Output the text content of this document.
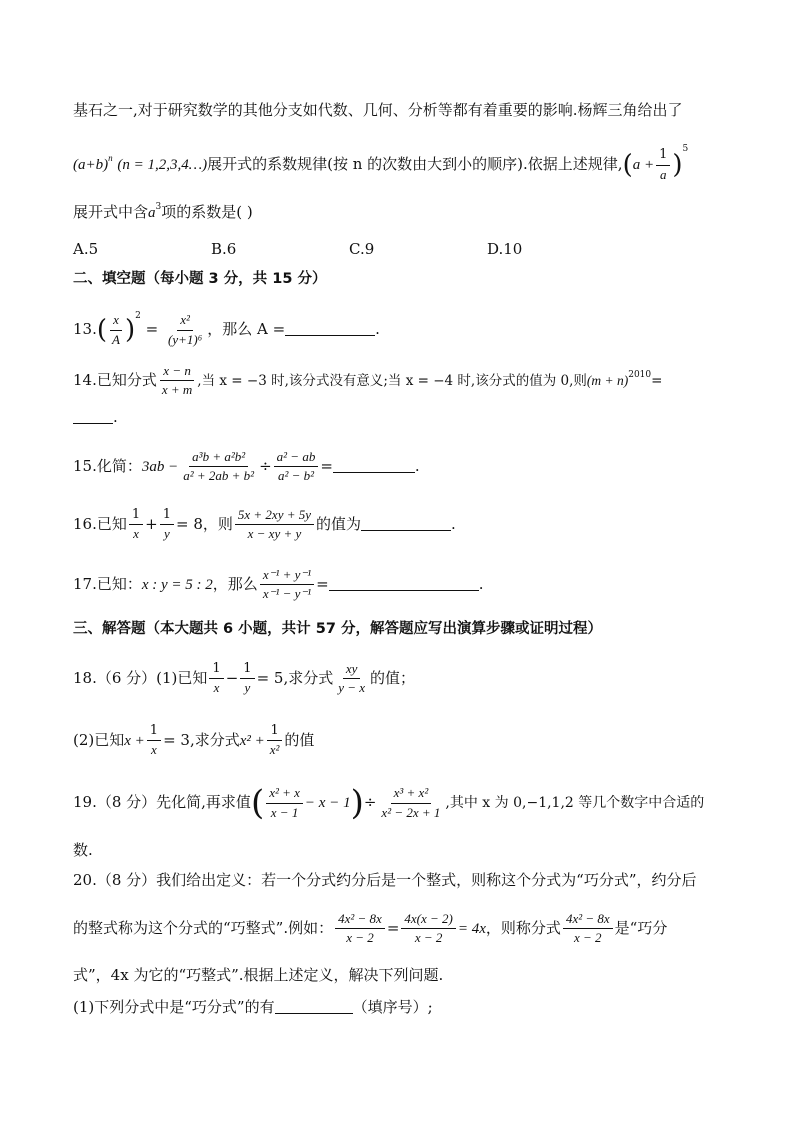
基石之一,对于研究数学的其他分支如代数、几何、分析等都有着重要的影响.杨辉三角给出了
$(a+b)^n$ (n = 1,2,3,4…)展开式的系数规律(按 n 的次数由大到小的顺序).依据上述规律$,(a + \frac{1}{a} )^5$
展开式中含$a^3$项的系数是( )
A.5	B.6	C.9	D.10
二、填空题（每小题 3 分，共 15 分）
$13.( \frac{x}{A} )^2 = \frac{\text{x²}}{\text{(y+1)⁶}}$ ，那么 A =	.
14.已知分式 $\frac{x - n}{x + m}$ ,当 x = −3 时,该分式没有意义;当 x = −4 时,该分式的值为 0,则$(m + n)^{2010}=$
.
15.化简：$3ab - \frac{\text{a³b + a²b²}}{\text{a² + 2ab + b²}} \div \frac{\text{a² − ab}}{\text{a² − b²}}$ =	.
16.已知 $\frac{1}{x} + \frac{1}{y} = 8$，则 $\frac{5x + 2xy + 5y}{x - xy + y}$ 的值为	.
17.已知：x : y = 5 : 2，那么 $\frac{\text{x⁻¹ + y⁻¹}}{\text{x⁻¹ − y⁻¹}}$ =	.
三、解答题（本大题共 6 小题，共计 57 分，解答题应写出演算步骤或证明过程）
18.（6 分）(1)已知 $\frac{1}{x} - \frac{1}{y} = 5$,求分式 $\frac{xy}{y - x}$ 的值；
(2)已知$x + \frac{1}{x} = 3$,求分式$x^2 + \frac{1}{\text{x²}}$ 的值
19.（8 分）先化简,再求值( $\frac{\text{x² + x}}{x - 1} - x - 1)\div \frac{\text{x³ + x²}}{\text{x² − 2x + 1}}$ ,其中 x 为 0,−1,1,2 等几个数字中合适的
数.
20.（8 分）我们给出定义：若一个分式约分后是一个整式，则称这个分式为“巧分式”，约分后
的整式称为这个分式的“巧整式”.例如： $\frac{\text{4x² − 8x}}{x - 2} = \frac{4x(x - 2)}{x - 2} = 4x$，则称分式 $\frac{\text{4x² − 8x}}{x - 2}$ 是“巧分
式”，4x 为它的“巧整式”.根据上述定义，解决下列问题.
(1)下列分式中是“巧分式”的有	（填序号）;
